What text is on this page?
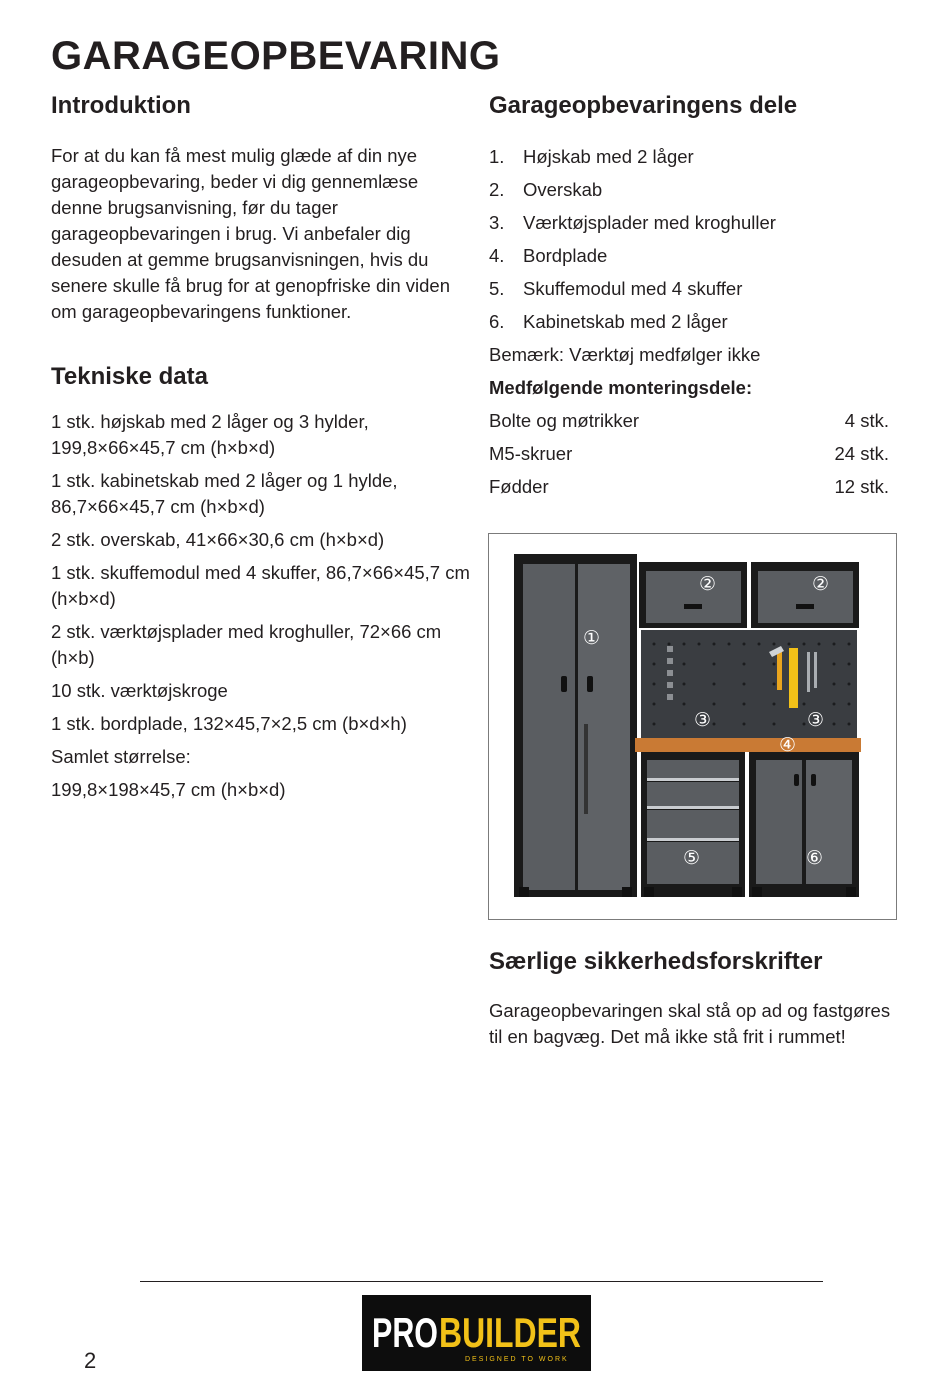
GARAGEOPBEVARING
Introduktion

For at du kan få mest mulig glæde af din nye garageopbevaring, beder vi dig gennemlæse denne brugsanvisning, før du tager garageopbevaringen i brug. Vi anbefaler dig desuden at gemme brugsanvisningen, hvis du senere skulle få brug for at genopfriske din viden om garageopbevaringens funktioner.

Tekniske data
1 stk. højskab med 2 låger og 3 hylder, 199,8×66×45,7 cm (h×b×d)
1 stk. kabinetskab med 2 låger og 1 hylde, 86,7×66×45,7 cm (h×b×d)
2 stk. overskab, 41×66×30,6 cm (h×b×d)
1 stk. skuffemodul med 4 skuffer, 86,7×66×45,7 cm (h×b×d)
2 stk. værktøjsplader med kroghuller, 72×66 cm (h×b)
10 stk. værktøjskroge
1 stk. bordplade, 132×45,7×2,5 cm (b×d×h)
Samlet størrelse:
199,8×198×45,7 cm (h×b×d)
Garageopbevaringens dele
1.	Højskab med 2 låger
2.	Overskab
3.	Værktøjsplader med kroghuller
4.	Bordplade
5.	Skuffemodul med 4 skuffer
6.	Kabinetskab med 2 låger
Bemærk: Værktøj medfølger ikke
Medfølgende monteringsdele:
Bolte og møtrikker	4 stk.
M5-skruer	24 stk.
Fødder	12 stk.
①
②	②
③	③
④
⑤	⑥
Særlige sikkerhedsforskrifter

Garageopbevaringen skal stå op ad og fastgøres til en bagvæg. Det må ikke stå frit i rummet!

PRO BUILDER
DESIGNED TO WORK
2
